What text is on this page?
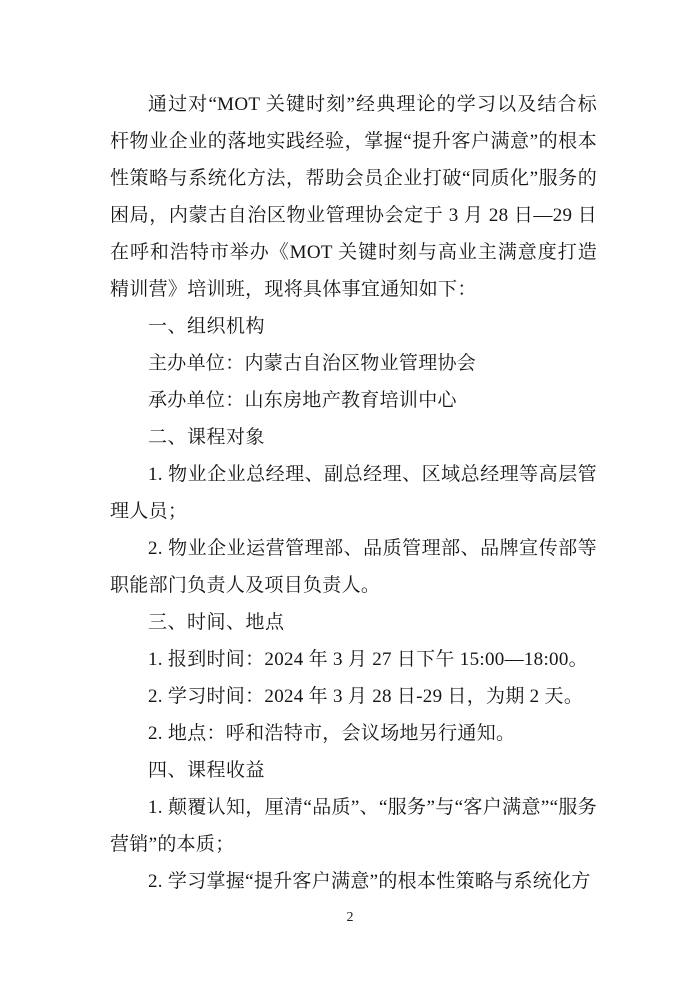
通过对“MOT 关键时刻”经典理论的学习以及结合标杆物业企业的落地实践经验，掌握“提升客户满意”的根本性策略与系统化方法，帮助会员企业打破“同质化”服务的困局，内蒙古自治区物业管理协会定于 3 月 28 日—29 日在呼和浩特市举办《MOT 关键时刻与高业主满意度打造精训营》培训班，现将具体事宜通知如下：

一、组织机构

主办单位：内蒙古自治区物业管理协会

承办单位：山东房地产教育培训中心

二、课程对象

1. 物业企业总经理、副总经理、区域总经理等高层管理人员；

2. 物业企业运营管理部、品质管理部、品牌宣传部等职能部门负责人及项目负责人。

三、时间、地点

1. 报到时间：2024 年 3 月 27 日下午 15:00—18:00。

2. 学习时间：2024 年 3 月 28 日-29 日，为期 2 天。

2. 地点：呼和浩特市，会议场地另行通知。

四、课程收益

1. 颠覆认知，厘清“品质”、“服务”与“客户满意”“服务营销”的本质；

2. 学习掌握“提升客户满意”的根本性策略与系统化方

2
